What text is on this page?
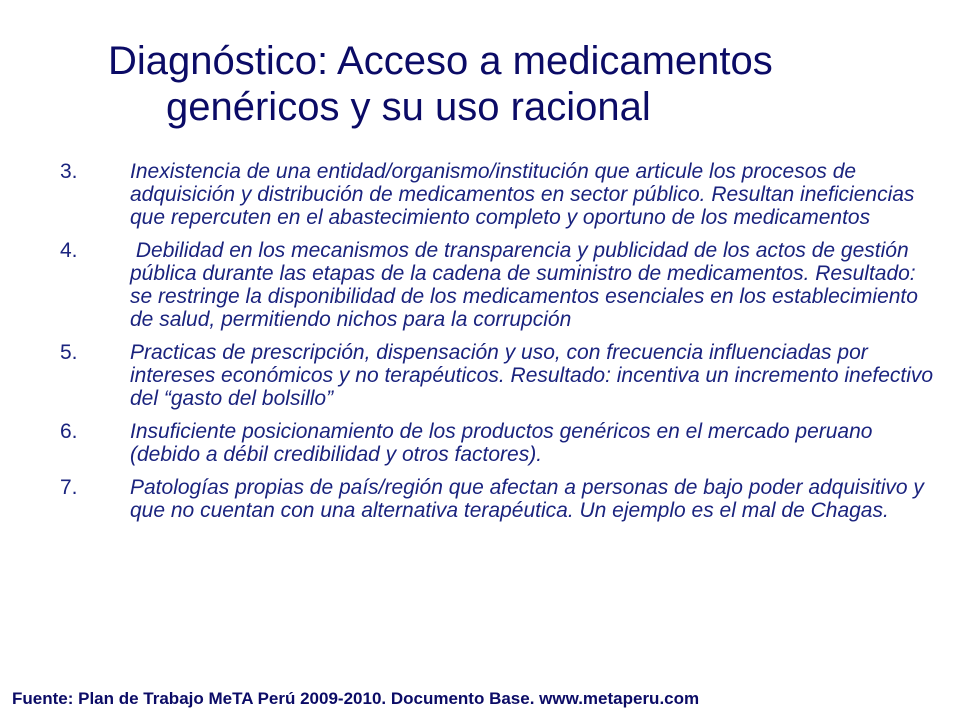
Diagnóstico: Acceso a medicamentos
genéricos y su uso racional
3. Inexistencia de una entidad/organismo/institución que articule los procesos de adquisición y distribución de medicamentos en sector público. Resultan ineficiencias que repercuten en el abastecimiento completo y oportuno de los medicamentos
4. Debilidad en los mecanismos de transparencia y publicidad de los actos de gestión pública durante las etapas de la cadena de suministro de medicamentos. Resultado: se restringe la disponibilidad de los medicamentos esenciales en los establecimiento de salud, permitiendo nichos para la corrupción
5. Practicas de prescripción, dispensación y uso, con frecuencia influenciadas por intereses económicos y no terapéuticos. Resultado: incentiva un incremento inefectivo del “gasto del bolsillo”
6. Insuficiente posicionamiento de los productos genéricos en el mercado peruano (debido a débil credibilidad y otros factores).
7. Patologías propias de país/región que afectan a personas de bajo poder adquisitivo y que no cuentan con una alternativa terapéutica. Un ejemplo es el mal de Chagas.
Fuente: Plan de Trabajo MeTA Perú 2009-2010. Documento Base. www.metaperu.com
